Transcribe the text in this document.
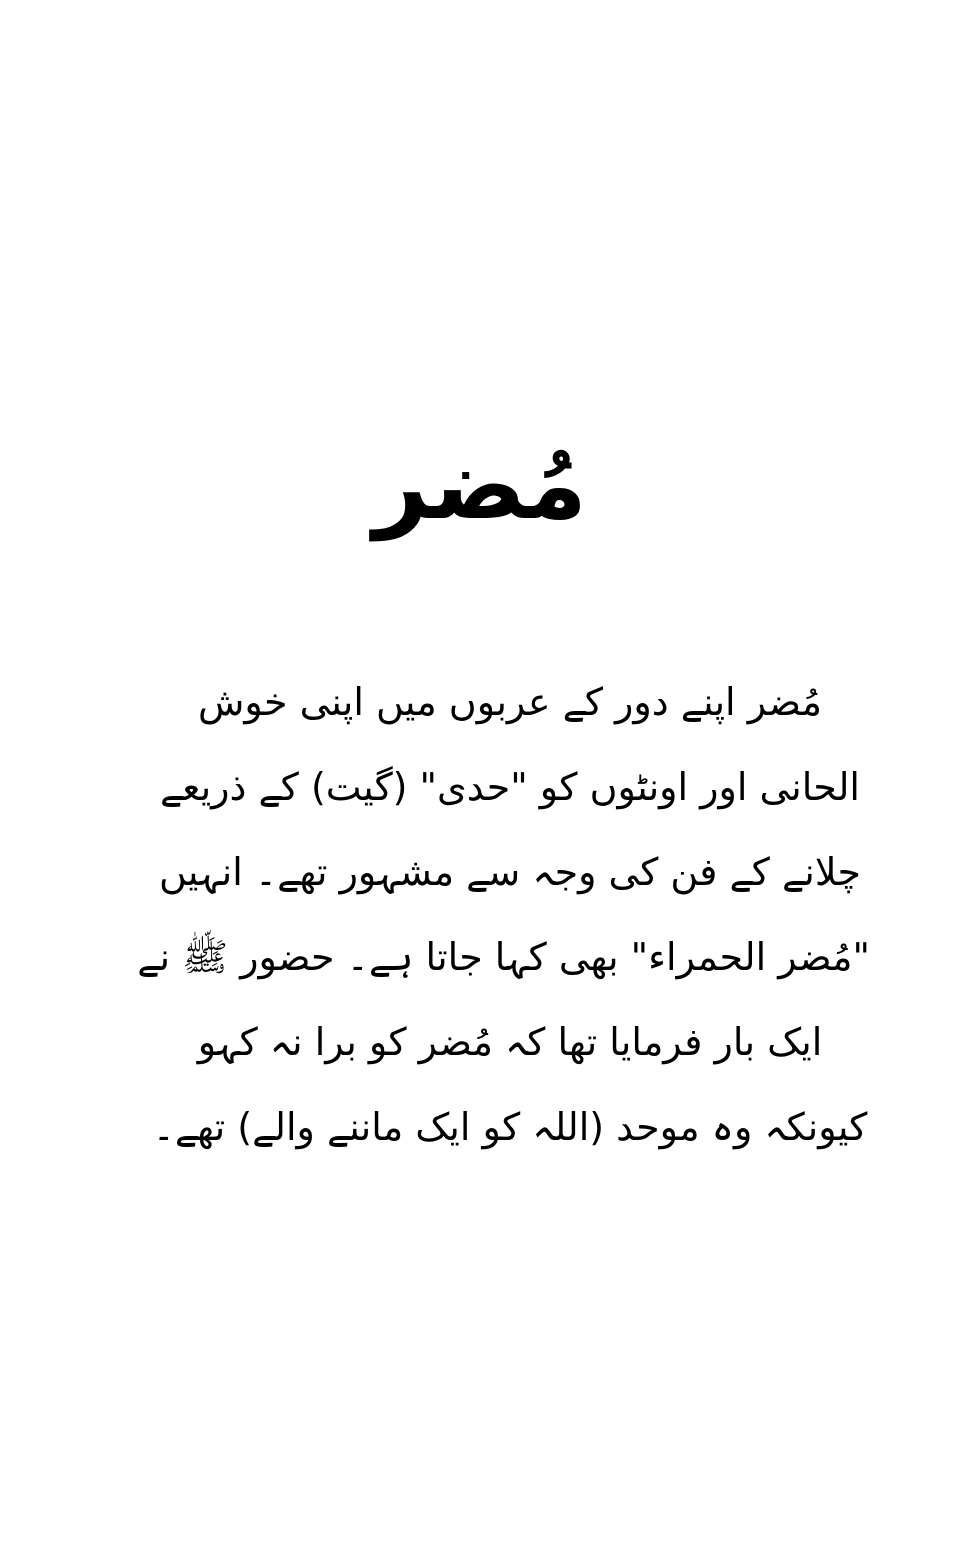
مُضر
مُضر اپنے دور کے عربوں میں اپنی خوش
الحانی اور اونٹوں کو "حدی" (گیت) کے ذریعے
چلانے کے فن کی وجہ سے مشہور تھے۔ انہیں
"مُضر الحمراء" بھی کہا جاتا ہے۔ حضور ﷺ نے
ایک بار فرمایا تھا کہ مُضر کو برا نہ کہو
کیونکہ وہ موحد (اللہ کو ایک ماننے والے) تھے۔
